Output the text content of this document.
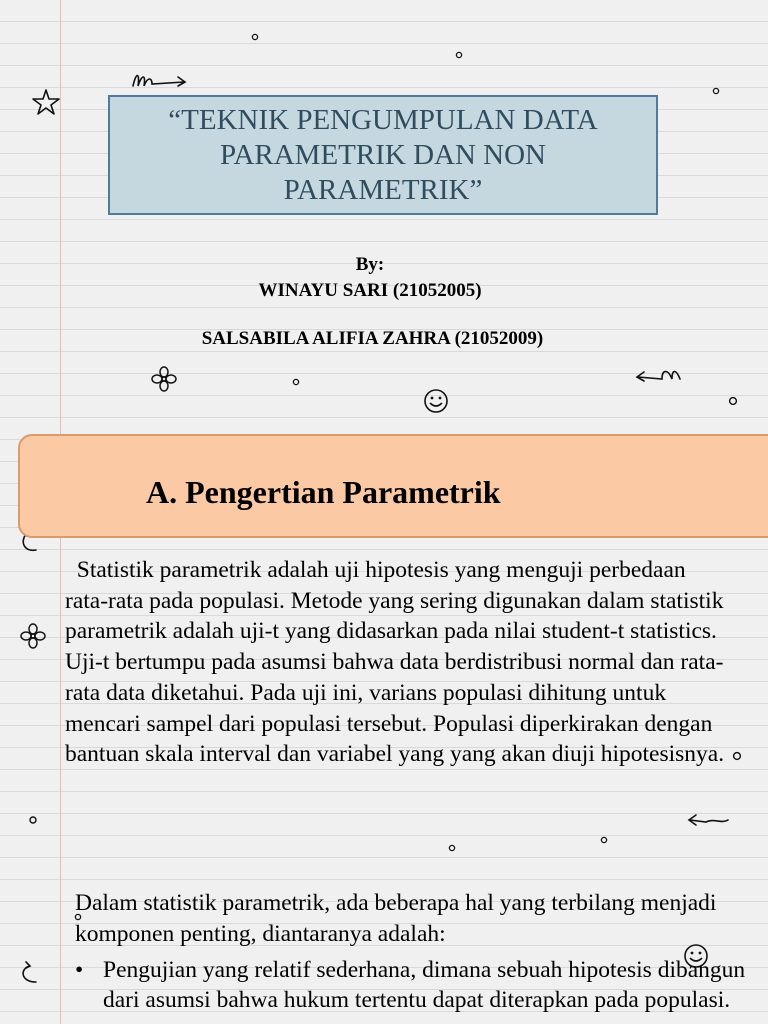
“TEKNIK PENGUMPULAN DATA PARAMETRIK DAN NON PARAMETRIK”
By:
WINAYU SARI (21052005)
SALSABILA ALIFIA ZAHRA (21052009)
A. Pengertian Parametrik

Statistik parametrik adalah uji hipotesis yang menguji perbedaan rata-rata pada populasi. Metode yang sering digunakan dalam statistik parametrik adalah uji-t yang didasarkan pada nilai student-t statistics. Uji-t bertumpu pada asumsi bahwa data berdistribusi normal dan rata-rata data diketahui. Pada uji ini, varians populasi dihitung untuk mencari sampel dari populasi tersebut. Populasi diperkirakan dengan bantuan skala interval dan variabel yang yang akan diuji hipotesisnya.

Dalam statistik parametrik, ada beberapa hal yang terbilang menjadi komponen penting, diantaranya adalah:

• Pengujian yang relatif sederhana, dimana sebuah hipotesis dibangun dari asumsi bahwa hukum tertentu dapat diterapkan pada populasi.
